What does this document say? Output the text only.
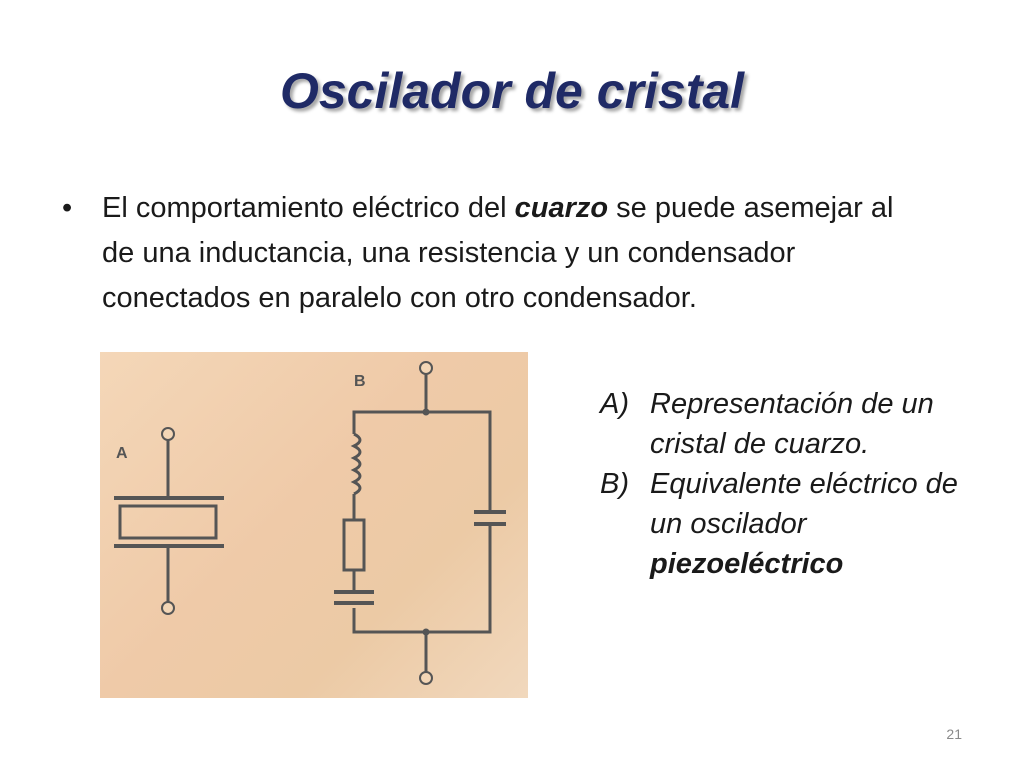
Oscilador de cristal
• El comportamiento eléctrico del cuarzo se puede asemejar al
de una inductancia, una resistencia y un condensador
conectados en paralelo con otro condensador.
A
B
A) Representación de un
cristal de cuarzo.
B) Equivalente eléctrico de
un oscilador
piezoeléctrico
21
